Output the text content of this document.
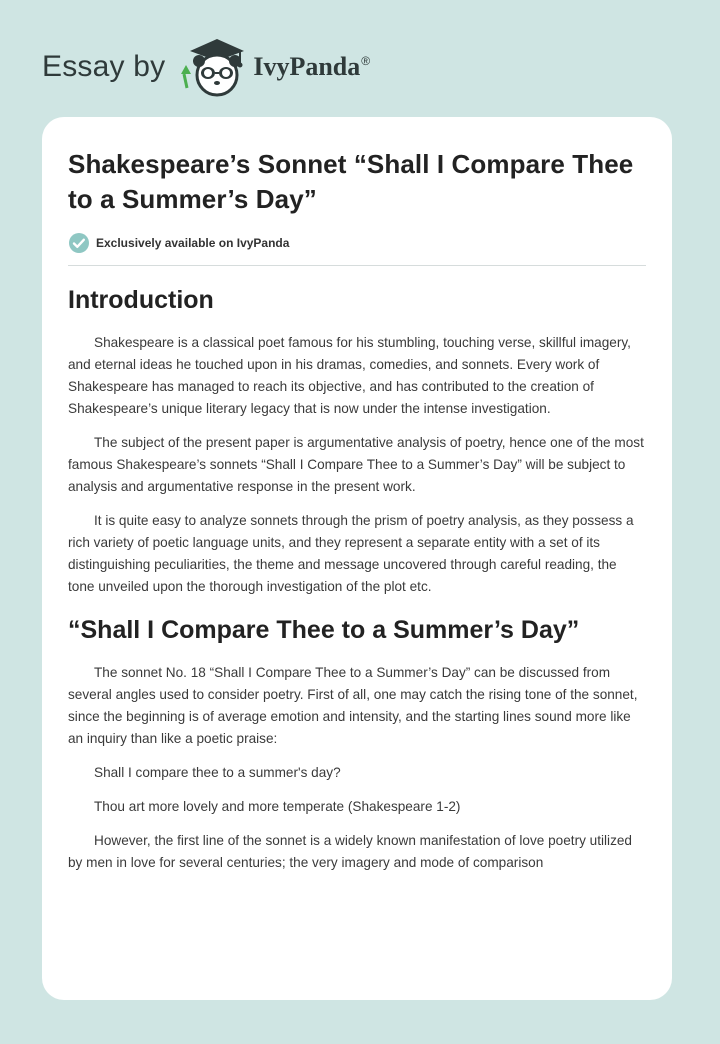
Essay by	IvyPanda®
Shakespeare’s Sonnet “Shall I Compare Thee to a Summer’s Day”
Exclusively available on IvyPanda
Introduction

Shakespeare is a classical poet famous for his stumbling, touching verse, skillful imagery, and eternal ideas he touched upon in his dramas, comedies, and sonnets. Every work of Shakespeare has managed to reach its objective, and has contributed to the creation of Shakespeare’s unique literary legacy that is now under the intense investigation.

The subject of the present paper is argumentative analysis of poetry, hence one of the most famous Shakespeare’s sonnets “Shall I Compare Thee to a Summer’s Day” will be subject to analysis and argumentative response in the present work.

It is quite easy to analyze sonnets through the prism of poetry analysis, as they possess a rich variety of poetic language units, and they represent a separate entity with a set of its distinguishing peculiarities, the theme and message uncovered through careful reading, the tone unveiled upon the thorough investigation of the plot etc.

“Shall I Compare Thee to a Summer’s Day”

The sonnet No. 18 “Shall I Compare Thee to a Summer’s Day” can be discussed from several angles used to consider poetry. First of all, one may catch the rising tone of the sonnet, since the beginning is of average emotion and intensity, and the starting lines sound more like an inquiry than like a poetic praise:

Shall I compare thee to a summer's day?

Thou art more lovely and more temperate (Shakespeare 1-2)

However, the first line of the sonnet is a widely known manifestation of love poetry utilized by men in love for several centuries; the very imagery and mode of comparison
